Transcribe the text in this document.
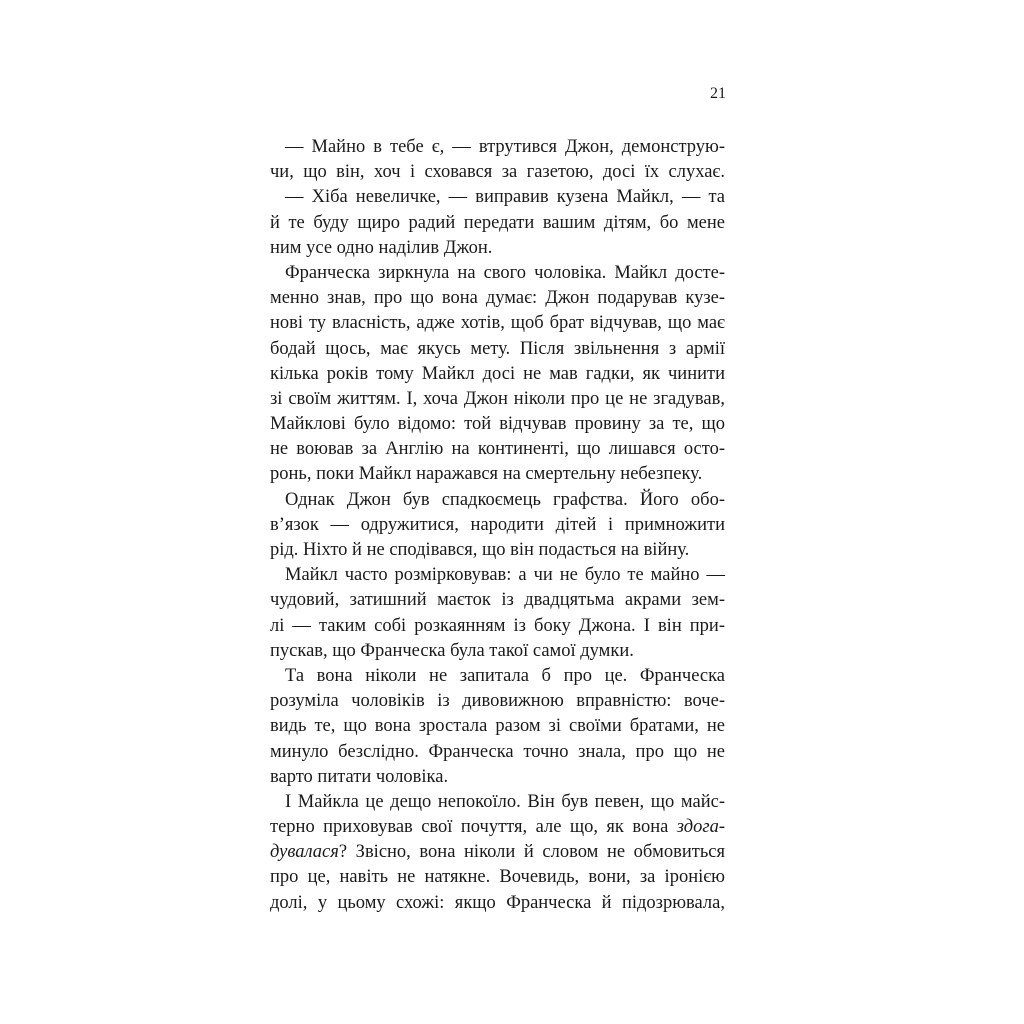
21
— Майно в тебе є, — втрутився Джон, демонструю-
чи, що він, хоч і сховався за газетою, досі їх слухає.
— Хіба невеличке, — виправив кузена Майкл, — та
й те буду щиро радий передати вашим дітям, бо мене
ним усе одно наділив Джон.
Франческа зиркнула на свого чоловіка. Майкл досте-
менно знав, про що вона думає: Джон подарував кузе-
нові ту власність, адже хотів, щоб брат відчував, що має
бодай щось, має якусь мету. Після звільнення з армії
кілька років тому Майкл досі не мав гадки, як чинити
зі своїм життям. І, хоча Джон ніколи про це не згадував,
Майклові було відомо: той відчував провину за те, що
не воював за Англію на континенті, що лишався осто-
ронь, поки Майкл наражався на смертельну небезпеку.
Однак Джон був спадкоємець графства. Його обо-
в’язок — одружитися, народити дітей і примножити
рід. Ніхто й не сподівався, що він подасться на війну.
Майкл часто розмірковував: а чи не було те майно —
чудовий, затишний маєток із двадцятьма акрами зем-
лі — таким собі розкаянням із боку Джона. І він при-
пускав, що Франческа була такої самої думки.
Та вона ніколи не запитала б про це. Франческа
розуміла чоловіків із дивовижною вправністю: воче-
видь те, що вона зростала разом зі своїми братами, не
минуло безслідно. Франческа точно знала, про що не
варто питати чоловіка.
І Майкла це дещо непокоїло. Він був певен, що майс-
терно приховував свої почуття, але що, як вона здога-
дувалася? Звісно, вона ніколи й словом не обмовиться
про це, навіть не натякне. Вочевидь, вони, за іронією
долі, у цьому схожі: якщо Франческа й підозрювала,
